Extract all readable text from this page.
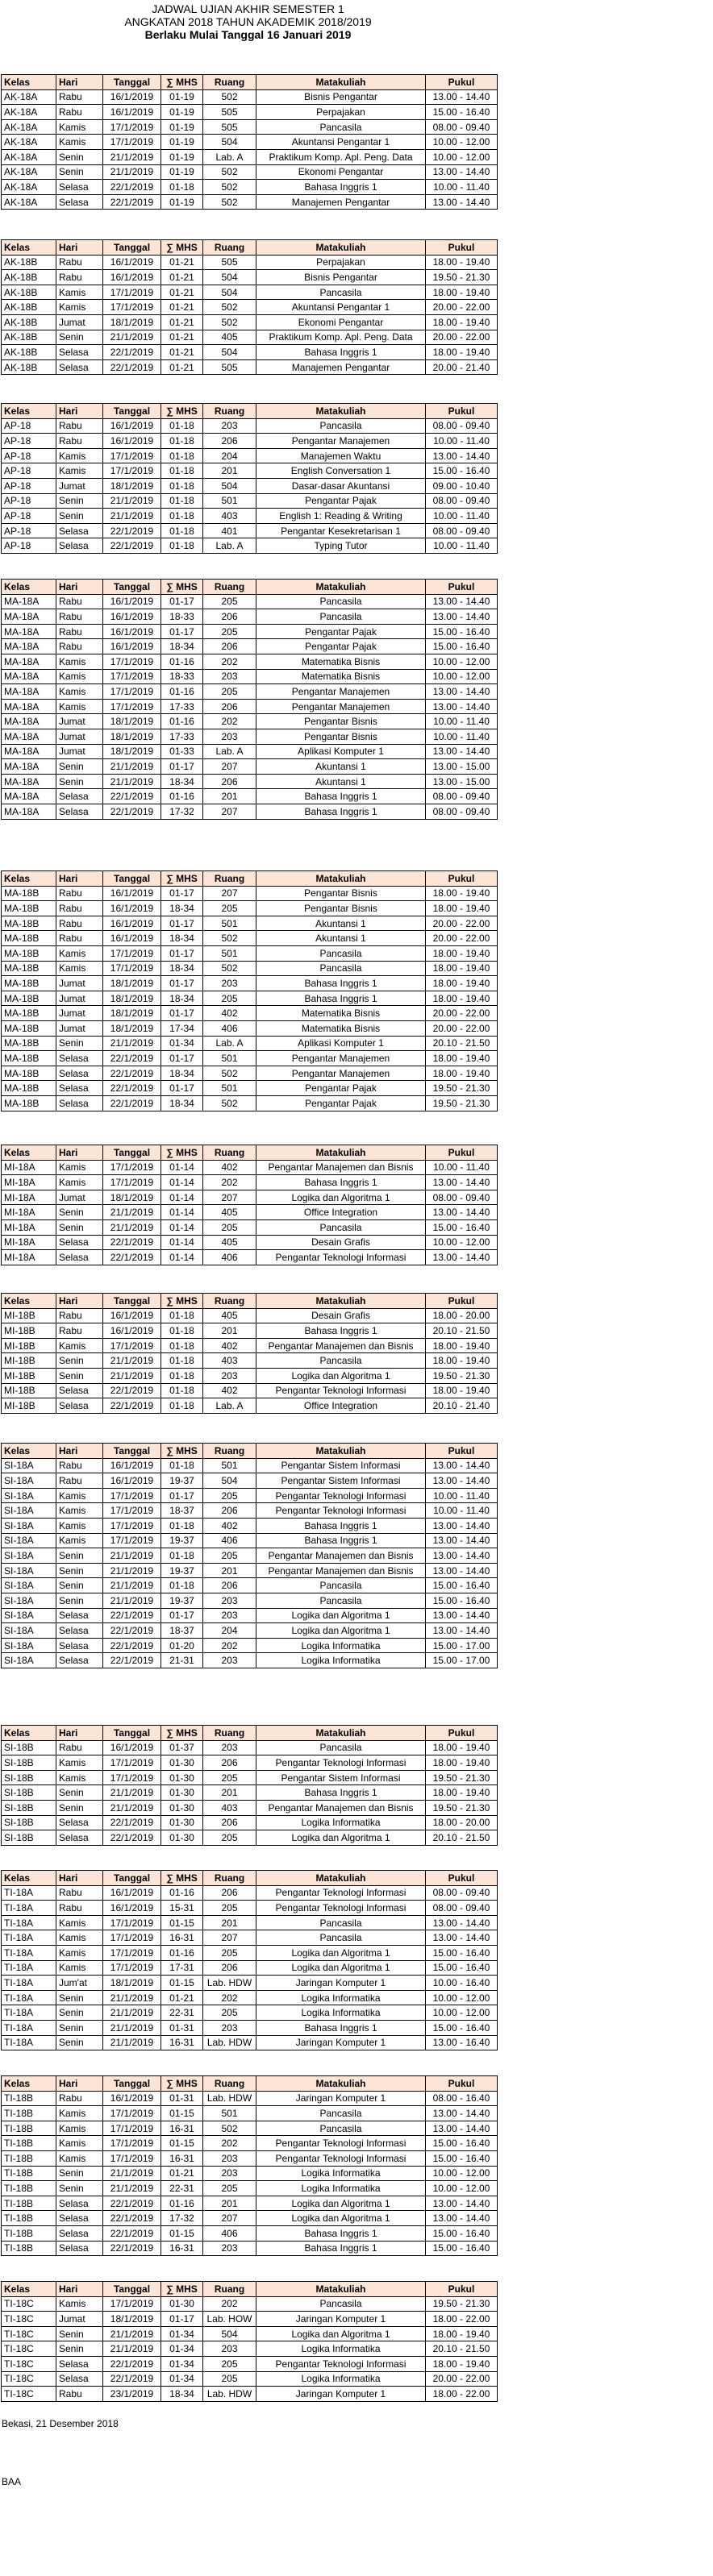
JADWAL UJIAN AKHIR SEMESTER 1
ANGKATAN 2018 TAHUN AKADEMIK 2018/2019
Berlaku Mulai Tanggal 16 Januari 2019
Kelas	Hari	Tanggal	∑ MHS	Ruang	Matakuliah	Pukul
AK-18A	Rabu	16/1/2019	01-19	502	Bisnis Pengantar	13.00 - 14.40
AK-18A	Rabu	16/1/2019	01-19	505	Perpajakan	15.00 - 16.40
AK-18A	Kamis	17/1/2019	01-19	505	Pancasila	08.00 - 09.40
AK-18A	Kamis	17/1/2019	01-19	504	Akuntansi Pengantar 1	10.00 - 12.00
AK-18A	Senin	21/1/2019	01-19	Lab. A	Praktikum Komp. Apl. Peng. Data	10.00 - 12.00
AK-18A	Senin	21/1/2019	01-19	502	Ekonomi Pengantar	13.00 - 14.40
AK-18A	Selasa	22/1/2019	01-18	502	Bahasa Inggris 1	10.00 - 11.40
AK-18A	Selasa	22/1/2019	01-19	502	Manajemen Pengantar	13.00 - 14.40
Kelas	Hari	Tanggal	∑ MHS	Ruang	Matakuliah	Pukul
AK-18B	Rabu	16/1/2019	01-21	505	Perpajakan	18.00 - 19.40
AK-18B	Rabu	16/1/2019	01-21	504	Bisnis Pengantar	19.50 - 21.30
AK-18B	Kamis	17/1/2019	01-21	504	Pancasila	18.00 - 19.40
AK-18B	Kamis	17/1/2019	01-21	502	Akuntansi Pengantar 1	20.00 - 22.00
AK-18B	Jumat	18/1/2019	01-21	502	Ekonomi Pengantar	18.00 - 19.40
AK-18B	Senin	21/1/2019	01-21	405	Praktikum Komp. Apl. Peng. Data	20.00 - 22.00
AK-18B	Selasa	22/1/2019	01-21	504	Bahasa Inggris 1	18.00 - 19.40
AK-18B	Selasa	22/1/2019	01-21	505	Manajemen Pengantar	20.00 - 21.40
Kelas	Hari	Tanggal	∑ MHS	Ruang	Matakuliah	Pukul
AP-18	Rabu	16/1/2019	01-18	203	Pancasila	08.00 - 09.40
AP-18	Rabu	16/1/2019	01-18	206	Pengantar Manajemen	10.00 - 11.40
AP-18	Kamis	17/1/2019	01-18	204	Manajemen Waktu	13.00 - 14.40
AP-18	Kamis	17/1/2019	01-18	201	English Conversation 1	15.00 - 16.40
AP-18	Jumat	18/1/2019	01-18	504	Dasar-dasar Akuntansi	09.00 - 10.40
AP-18	Senin	21/1/2019	01-18	501	Pengantar Pajak	08.00 - 09.40
AP-18	Senin	21/1/2019	01-18	403	English 1: Reading & Writing	10.00 - 11.40
AP-18	Selasa	22/1/2019	01-18	401	Pengantar Kesekretarisan 1	08.00 - 09.40
AP-18	Selasa	22/1/2019	01-18	Lab. A	Typing Tutor	10.00 - 11.40
Kelas	Hari	Tanggal	∑ MHS	Ruang	Matakuliah	Pukul
MA-18A	Rabu	16/1/2019	01-17	205	Pancasila	13.00 - 14.40
MA-18A	Rabu	16/1/2019	18-33	206	Pancasila	13.00 - 14.40
MA-18A	Rabu	16/1/2019	01-17	205	Pengantar Pajak	15.00 - 16.40
MA-18A	Rabu	16/1/2019	18-34	206	Pengantar Pajak	15.00 - 16.40
MA-18A	Kamis	17/1/2019	01-16	202	Matematika Bisnis	10.00 - 12.00
MA-18A	Kamis	17/1/2019	18-33	203	Matematika Bisnis	10.00 - 12.00
MA-18A	Kamis	17/1/2019	01-16	205	Pengantar Manajemen	13.00 - 14.40
MA-18A	Kamis	17/1/2019	17-33	206	Pengantar Manajemen	13.00 - 14.40
MA-18A	Jumat	18/1/2019	01-16	202	Pengantar Bisnis	10.00 - 11.40
MA-18A	Jumat	18/1/2019	17-33	203	Pengantar Bisnis	10.00 - 11.40
MA-18A	Jumat	18/1/2019	01-33	Lab. A	Aplikasi Komputer 1	13.00 - 14.40
MA-18A	Senin	21/1/2019	01-17	207	Akuntansi 1	13.00 - 15.00
MA-18A	Senin	21/1/2019	18-34	206	Akuntansi 1	13.00 - 15.00
MA-18A	Selasa	22/1/2019	01-16	201	Bahasa Inggris 1	08.00 - 09.40
MA-18A	Selasa	22/1/2019	17-32	207	Bahasa Inggris 1	08.00 - 09.40
Kelas	Hari	Tanggal	∑ MHS	Ruang	Matakuliah	Pukul
MA-18B	Rabu	16/1/2019	01-17	207	Pengantar Bisnis	18.00 - 19.40
MA-18B	Rabu	16/1/2019	18-34	205	Pengantar Bisnis	18.00 - 19.40
MA-18B	Rabu	16/1/2019	01-17	501	Akuntansi 1	20.00 - 22.00
MA-18B	Rabu	16/1/2019	18-34	502	Akuntansi 1	20.00 - 22.00
MA-18B	Kamis	17/1/2019	01-17	501	Pancasila	18.00 - 19.40
MA-18B	Kamis	17/1/2019	18-34	502	Pancasila	18.00 - 19.40
MA-18B	Jumat	18/1/2019	01-17	203	Bahasa Inggris 1	18.00 - 19.40
MA-18B	Jumat	18/1/2019	18-34	205	Bahasa Inggris 1	18.00 - 19.40
MA-18B	Jumat	18/1/2019	01-17	402	Matematika Bisnis	20.00 - 22.00
MA-18B	Jumat	18/1/2019	17-34	406	Matematika Bisnis	20.00 - 22.00
MA-18B	Senin	21/1/2019	01-34	Lab. A	Aplikasi Komputer 1	20.10 - 21.50
MA-18B	Selasa	22/1/2019	01-17	501	Pengantar Manajemen	18.00 - 19.40
MA-18B	Selasa	22/1/2019	18-34	502	Pengantar Manajemen	18.00 - 19.40
MA-18B	Selasa	22/1/2019	01-17	501	Pengantar Pajak	19.50 - 21.30
MA-18B	Selasa	22/1/2019	18-34	502	Pengantar Pajak	19.50 - 21.30
Kelas	Hari	Tanggal	∑ MHS	Ruang	Matakuliah	Pukul
MI-18A	Kamis	17/1/2019	01-14	402	Pengantar Manajemen dan Bisnis	10.00 - 11.40
MI-18A	Kamis	17/1/2019	01-14	202	Bahasa Inggris 1	13.00 - 14.40
MI-18A	Jumat	18/1/2019	01-14	207	Logika dan Algoritma 1	08.00 - 09.40
MI-18A	Senin	21/1/2019	01-14	405	Office Integration	13.00 - 14.40
MI-18A	Senin	21/1/2019	01-14	205	Pancasila	15.00 - 16.40
MI-18A	Selasa	22/1/2019	01-14	405	Desain Grafis	10.00 - 12.00
MI-18A	Selasa	22/1/2019	01-14	406	Pengantar Teknologi Informasi	13.00 - 14.40
Kelas	Hari	Tanggal	∑ MHS	Ruang	Matakuliah	Pukul
MI-18B	Rabu	16/1/2019	01-18	405	Desain Grafis	18.00 - 20.00
MI-18B	Rabu	16/1/2019	01-18	201	Bahasa Inggris 1	20.10 - 21.50
MI-18B	Kamis	17/1/2019	01-18	402	Pengantar Manajemen dan Bisnis	18.00 - 19.40
MI-18B	Senin	21/1/2019	01-18	403	Pancasila	18.00 - 19.40
MI-18B	Senin	21/1/2019	01-18	203	Logika dan Algoritma 1	19.50 - 21.30
MI-18B	Selasa	22/1/2019	01-18	402	Pengantar Teknologi Informasi	18.00 - 19.40
MI-18B	Selasa	22/1/2019	01-18	Lab. A	Office Integration	20.10 - 21.40
Kelas	Hari	Tanggal	∑ MHS	Ruang	Matakuliah	Pukul
SI-18A	Rabu	16/1/2019	01-18	501	Pengantar Sistem Informasi	13.00 - 14.40
SI-18A	Rabu	16/1/2019	19-37	504	Pengantar Sistem Informasi	13.00 - 14.40
SI-18A	Kamis	17/1/2019	01-17	205	Pengantar Teknologi Informasi	10.00 - 11.40
SI-18A	Kamis	17/1/2019	18-37	206	Pengantar Teknologi Informasi	10.00 - 11.40
SI-18A	Kamis	17/1/2019	01-18	402	Bahasa Inggris 1	13.00 - 14.40
SI-18A	Kamis	17/1/2019	19-37	406	Bahasa Inggris 1	13.00 - 14.40
SI-18A	Senin	21/1/2019	01-18	205	Pengantar Manajemen dan Bisnis	13.00 - 14.40
SI-18A	Senin	21/1/2019	19-37	201	Pengantar Manajemen dan Bisnis	13.00 - 14.40
SI-18A	Senin	21/1/2019	01-18	206	Pancasila	15.00 - 16.40
SI-18A	Senin	21/1/2019	19-37	203	Pancasila	15.00 - 16.40
SI-18A	Selasa	22/1/2019	01-17	203	Logika dan Algoritma 1	13.00 - 14.40
SI-18A	Selasa	22/1/2019	18-37	204	Logika dan Algoritma 1	13.00 - 14.40
SI-18A	Selasa	22/1/2019	01-20	202	Logika Informatika	15.00 - 17.00
SI-18A	Selasa	22/1/2019	21-31	203	Logika Informatika	15.00 - 17.00
Kelas	Hari	Tanggal	∑ MHS	Ruang	Matakuliah	Pukul
SI-18B	Rabu	16/1/2019	01-37	203	Pancasila	18.00 - 19.40
SI-18B	Kamis	17/1/2019	01-30	206	Pengantar Teknologi Informasi	18.00 - 19.40
SI-18B	Kamis	17/1/2019	01-30	205	Pengantar Sistem Informasi	19.50 - 21.30
SI-18B	Senin	21/1/2019	01-30	201	Bahasa Inggris 1	18.00 - 19.40
SI-18B	Senin	21/1/2019	01-30	403	Pengantar Manajemen dan Bisnis	19.50 - 21.30
SI-18B	Selasa	22/1/2019	01-30	206	Logika Informatika	18.00 - 20.00
SI-18B	Selasa	22/1/2019	01-30	205	Logika dan Algoritma 1	20.10 - 21.50
Kelas	Hari	Tanggal	∑ MHS	Ruang	Matakuliah	Pukul
TI-18A	Rabu	16/1/2019	01-16	206	Pengantar Teknologi Informasi	08.00 - 09.40
TI-18A	Rabu	16/1/2019	15-31	205	Pengantar Teknologi Informasi	08.00 - 09.40
TI-18A	Kamis	17/1/2019	01-15	201	Pancasila	13.00 - 14.40
TI-18A	Kamis	17/1/2019	16-31	207	Pancasila	13.00 - 14.40
TI-18A	Kamis	17/1/2019	01-16	205	Logika dan Algoritma 1	15.00 - 16.40
TI-18A	Kamis	17/1/2019	17-31	206	Logika dan Algoritma 1	15.00 - 16.40
TI-18A	Jum'at	18/1/2019	01-15	Lab. HDW	Jaringan Komputer 1	10.00 - 16.40
TI-18A	Senin	21/1/2019	01-21	202	Logika Informatika	10.00 - 12.00
TI-18A	Senin	21/1/2019	22-31	205	Logika Informatika	10.00 - 12.00
TI-18A	Senin	21/1/2019	01-31	203	Bahasa Inggris 1	15.00 - 16.40
TI-18A	Senin	21/1/2019	16-31	Lab. HDW	Jaringan Komputer 1	13.00 - 16.40
Kelas	Hari	Tanggal	∑ MHS	Ruang	Matakuliah	Pukul
TI-18B	Rabu	16/1/2019	01-31	Lab. HDW	Jaringan Komputer 1	08.00 - 16.40
TI-18B	Kamis	17/1/2019	01-15	501	Pancasila	13.00 - 14.40
TI-18B	Kamis	17/1/2019	16-31	502	Pancasila	13.00 - 14.40
TI-18B	Kamis	17/1/2019	01-15	202	Pengantar Teknologi Informasi	15.00 - 16.40
TI-18B	Kamis	17/1/2019	16-31	203	Pengantar Teknologi Informasi	15.00 - 16.40
TI-18B	Senin	21/1/2019	01-21	203	Logika Informatika	10.00 - 12.00
TI-18B	Senin	21/1/2019	22-31	205	Logika Informatika	10.00 - 12.00
TI-18B	Selasa	22/1/2019	01-16	201	Logika dan Algoritma 1	13.00 - 14.40
TI-18B	Selasa	22/1/2019	17-32	207	Logika dan Algoritma 1	13.00 - 14.40
TI-18B	Selasa	22/1/2019	01-15	406	Bahasa Inggris 1	15.00 - 16.40
TI-18B	Selasa	22/1/2019	16-31	203	Bahasa Inggris 1	15.00 - 16.40
Kelas	Hari	Tanggal	∑ MHS	Ruang	Matakuliah	Pukul
TI-18C	Kamis	17/1/2019	01-30	202	Pancasila	19.50 - 21.30
TI-18C	Jumat	18/1/2019	01-17	Lab. HOW	Jaringan Komputer 1	18.00 - 22.00
TI-18C	Senin	21/1/2019	01-34	504	Logika dan Algoritma 1	18.00 - 19.40
TI-18C	Senin	21/1/2019	01-34	203	Logika Informatika	20.10 - 21.50
TI-18C	Selasa	22/1/2019	01-34	205	Pengantar Teknologi Informasi	18.00 - 19.40
TI-18C	Selasa	22/1/2019	01-34	205	Logika Informatika	20.00 - 22.00
TI-18C	Rabu	23/1/2019	18-34	Lab. HDW	Jaringan Komputer 1	18.00 - 22.00
Bekasi, 21 Desember 2018
BAA
